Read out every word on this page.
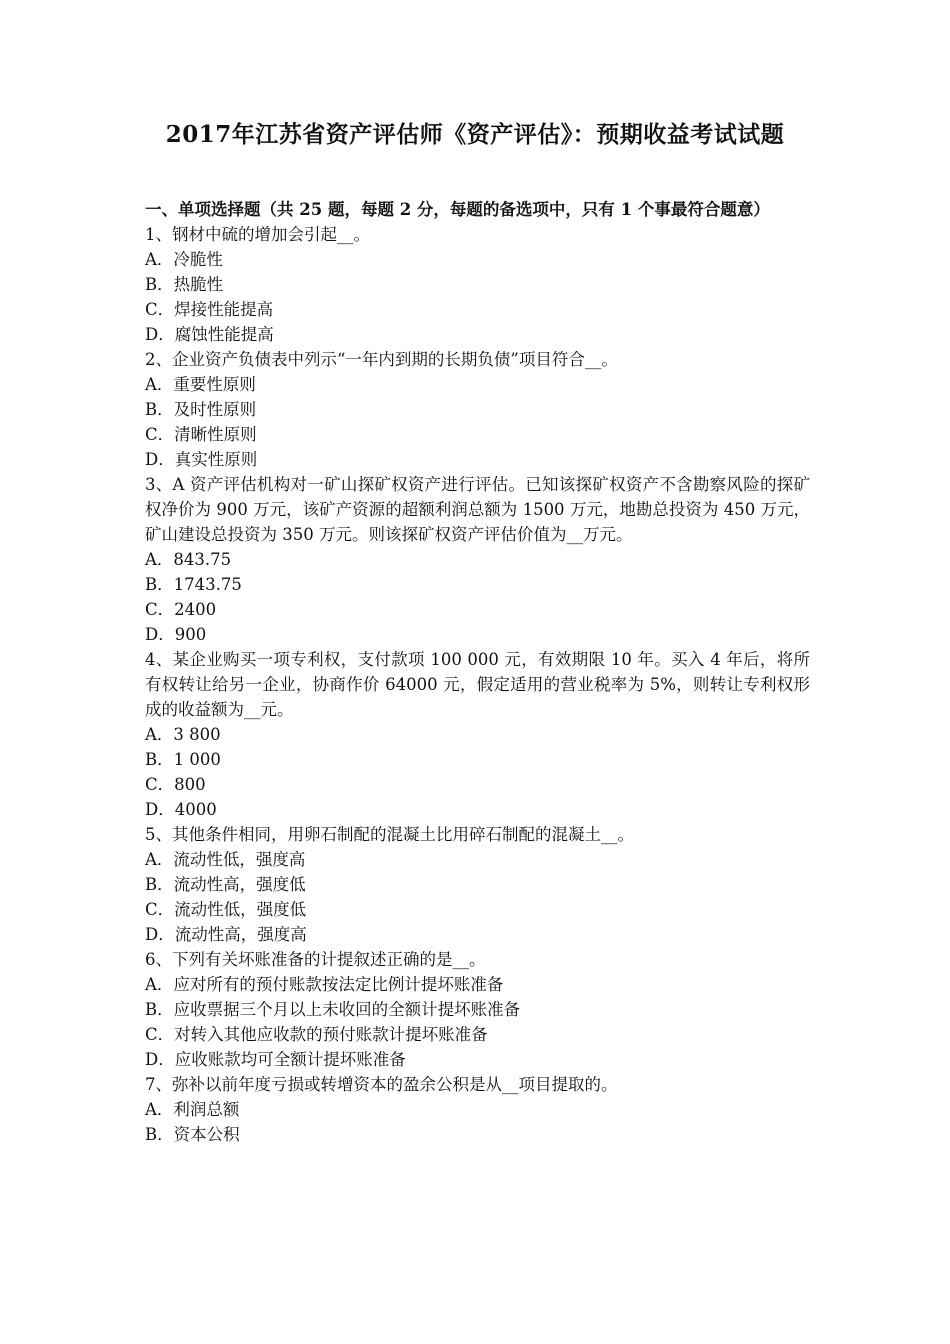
2017年江苏省资产评估师《资产评估》：预期收益考试试题
一、单项选择题（共 25 题，每题 2 分，每题的备选项中，只有 1 个事最符合题意）
1、钢材中硫的增加会引起__。
A．冷脆性
B．热脆性
C．焊接性能提高
D．腐蚀性能提高
2、企业资产负债表中列示“一年内到期的长期负债”项目符合__。
A．重要性原则
B．及时性原则
C．清晰性原则
D．真实性原则
3、A 资产评估机构对一矿山探矿权资产进行评估。已知该探矿权资产不含勘察风险的探矿权净价为 900 万元，该矿产资源的超额利润总额为 1500 万元，地勘总投资为 450 万元，矿山建设总投资为 350 万元。则该探矿权资产评估价值为__万元。
A．843.75
B．1743.75
C．2400
D．900
4、某企业购买一项专利权，支付款项 100 000 元，有效期限 10 年。买入 4 年后，将所有权转让给另一企业，协商作价 64000 元，假定适用的营业税率为 5%，则转让专利权形成的收益额为__元。
A．3 800
B．1 000
C．800
D．4000
5、其他条件相同，用卵石制配的混凝土比用碎石制配的混凝土__。
A．流动性低，强度高
B．流动性高，强度低
C．流动性低，强度低
D．流动性高，强度高
6、下列有关坏账准备的计提叙述正确的是__。
A．应对所有的预付账款按法定比例计提坏账准备
B．应收票据三个月以上未收回的全额计提坏账准备
C．对转入其他应收款的预付账款计提坏账准备
D．应收账款均可全额计提坏账准备
7、弥补以前年度亏损或转增资本的盈余公积是从__项目提取的。
A．利润总额
B．资本公积
